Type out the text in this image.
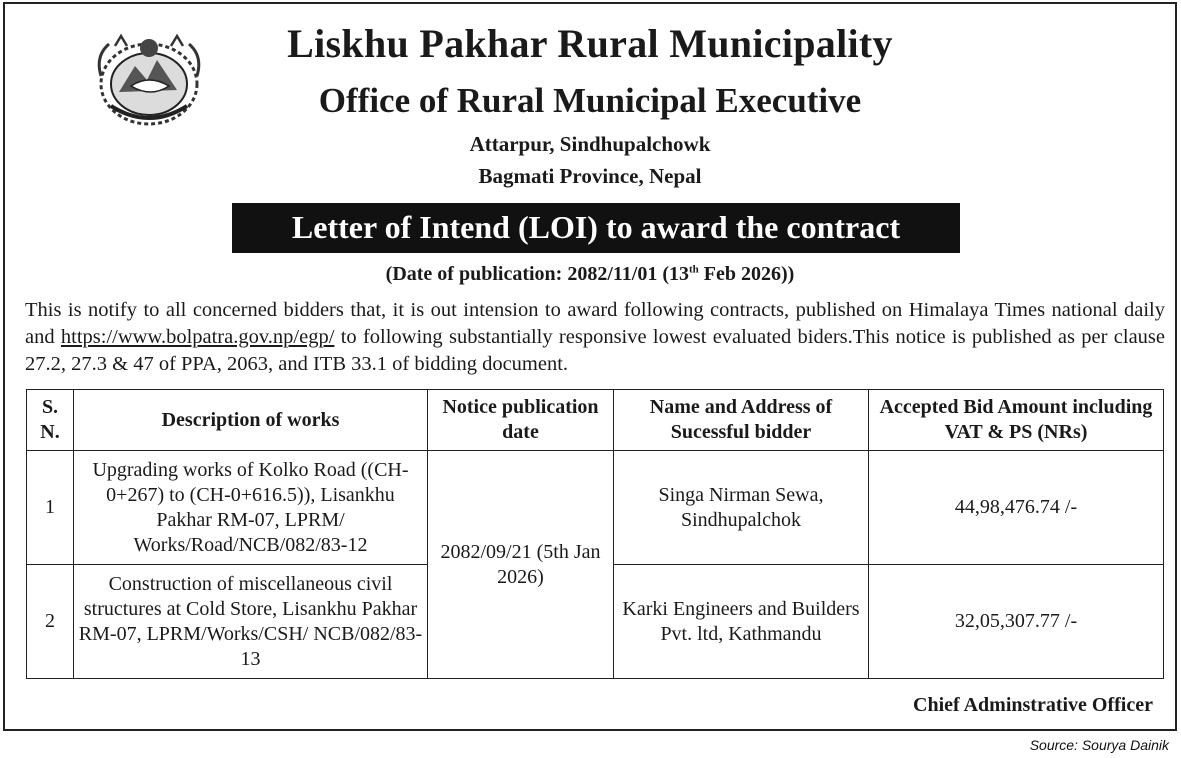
Liskhu Pakhar Rural Municipality
Office of Rural Municipal Executive
Attarpur, Sindhupalchowk
Bagmati Province, Nepal
Letter of Intend (LOI) to award the contract
(Date of publication: 2082/11/01 (13th Feb 2026))
This is notify to all concerned bidders that, it is out intension to award following contracts, published on Himalaya Times national daily and https://www.bolpatra.gov.np/egp/ to following substantially responsive lowest evaluated biders.This notice is published as per clause 27.2, 27.3 & 47 of PPA, 2063, and ITB 33.1 of bidding document.
S. N.	Description of works	Notice publication date	Name and Address of Sucessful bidder	Accepted Bid Amount including VAT & PS (NRs)
1	Upgrading works of Kolko Road ((CH-0+267) to (CH-0+616.5)), Lisankhu Pakhar RM-07, LPRM/ Works/Road/NCB/082/83-12	2082/09/21 (5th Jan 2026)	Singa Nirman Sewa, Sindhupalchok	44,98,476.74 /-
2	Construction of miscellaneous civil structures at Cold Store, Lisankhu Pakhar RM-07, LPRM/Works/CSH/ NCB/082/83-13		Karki Engineers and Builders Pvt. ltd, Kathmandu	32,05,307.77 /-
Chief Adminstrative Officer
Source: Sourya Dainik
